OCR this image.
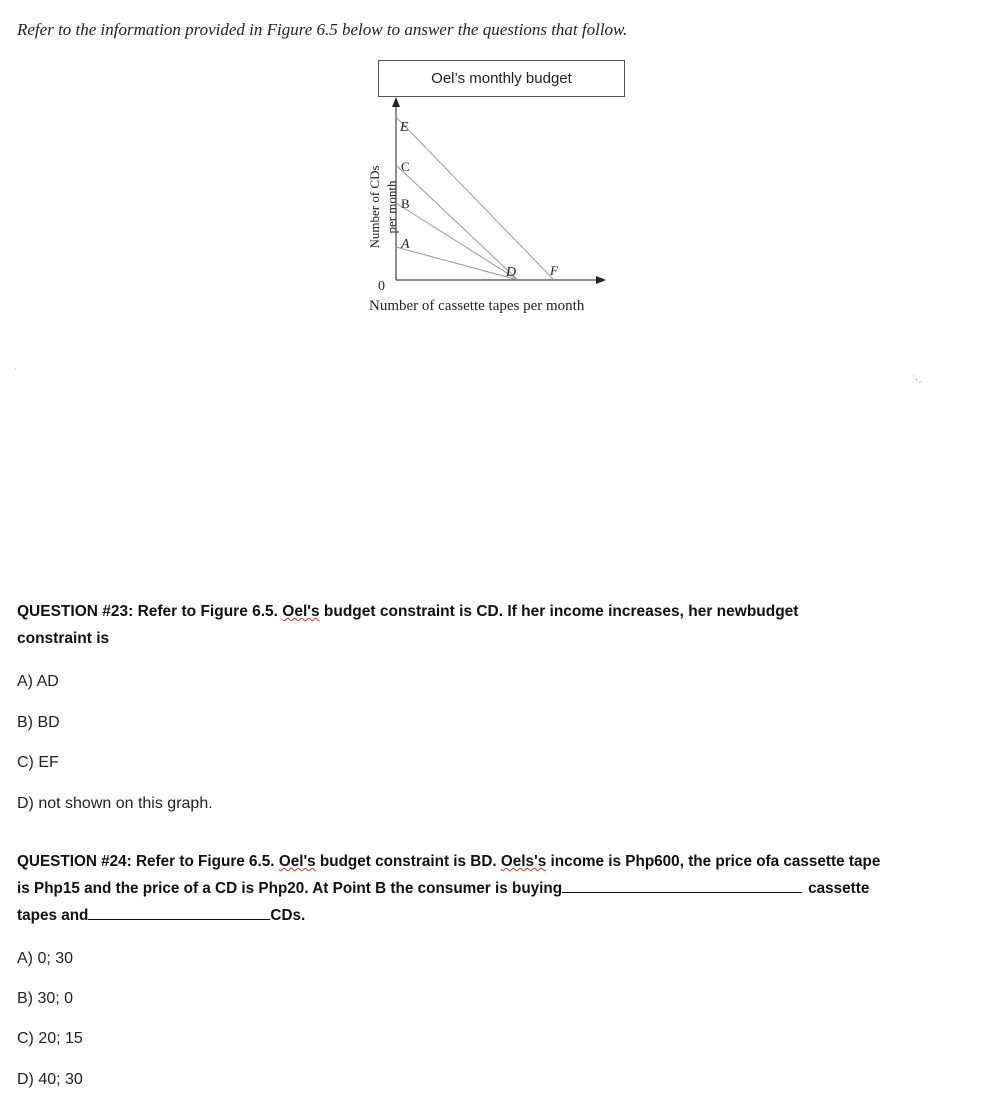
Refer to the information provided in Figure 6.5 below to answer the questions that follow.
Oel’s monthly budget
E
C
B
A
D	F
Number of CDs per month
0
Number of cassette tapes per month
˙	ˑ˒ˏ
QUESTION #23: Refer to Figure 6.5. Oel's budget constraint is CD. If her income increases, her newbudget
constraint is
A) AD
B) BD
C) EF
D) not shown on this graph.
QUESTION #24: Refer to Figure 6.5. Oel's budget constraint is BD. Oels's income is Php600, the price ofa cassette tape
is Php15 and the price of a CD is Php20. At Point B the consumer is buying	cassette
tapes and	CDs.
A) 0; 30
B) 30; 0
C) 20; 15
D) 40; 30
